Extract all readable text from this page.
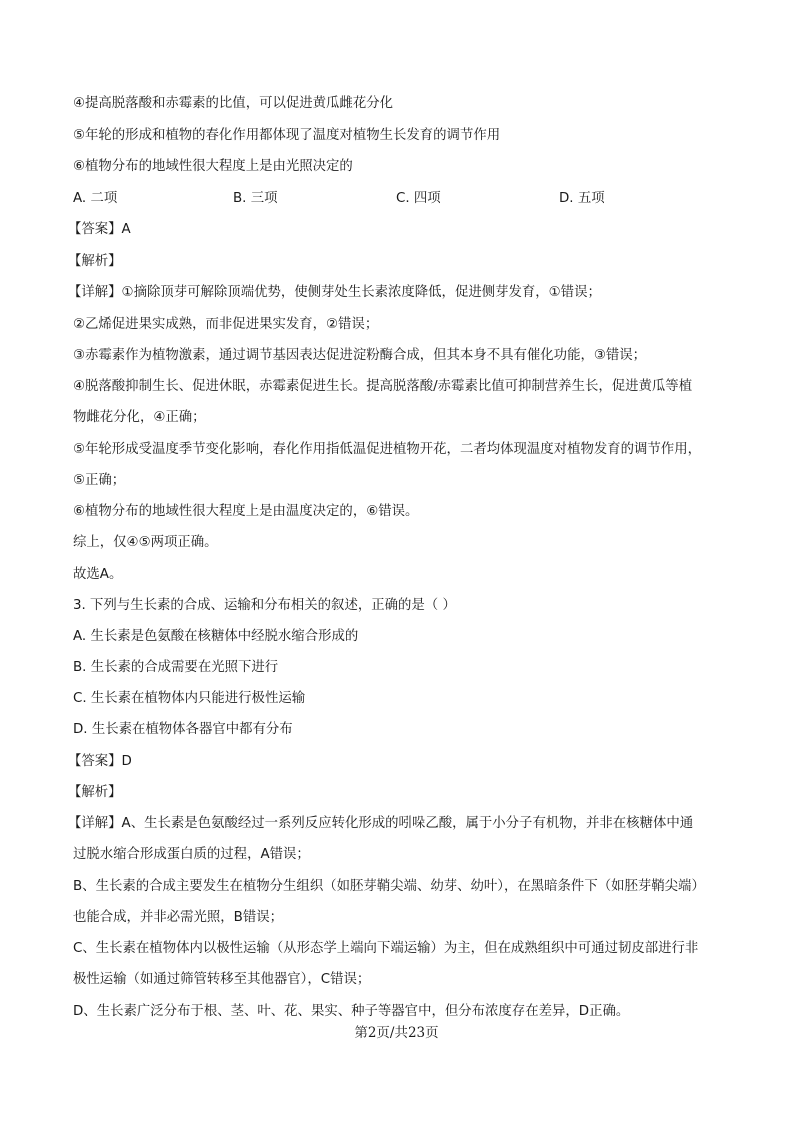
④提高脱落酸和赤霉素的比值，可以促进黄瓜雌花分化
⑤年轮的形成和植物的春化作用都体现了温度对植物生长发育的调节作用
⑥植物分布的地域性很大程度上是由光照决定的
A. 二项	B. 三项	C. 四项	D. 五项
【答案】A
【解析】
【详解】①摘除顶芽可解除顶端优势，使侧芽处生长素浓度降低，促进侧芽发育，①错误；
②乙烯促进果实成熟，而非促进果实发育，②错误；
③赤霉素作为植物激素，通过调节基因表达促进淀粉酶合成，但其本身不具有催化功能，③错误；
④脱落酸抑制生长、促进休眠，赤霉素促进生长。提高脱落酸/赤霉素比值可抑制营养生长，促进黄瓜等植
物雌花分化，④正确；
⑤年轮形成受温度季节变化影响，春化作用指低温促进植物开花，二者均体现温度对植物发育的调节作用，
⑤正确；
⑥植物分布的地域性很大程度上是由温度决定的，⑥错误。
综上，仅④⑤两项正确。
故选A。
3. 下列与生长素的合成、运输和分布相关的叙述，正确的是（ ）
A. 生长素是色氨酸在核糖体中经脱水缩合形成的
B. 生长素的合成需要在光照下进行
C. 生长素在植物体内只能进行极性运输
D. 生长素在植物体各器官中都有分布
【答案】D
【解析】
【详解】A、生长素是色氨酸经过一系列反应转化形成的吲哚乙酸，属于小分子有机物，并非在核糖体中通
过脱水缩合形成蛋白质的过程，A错误；
B、生长素的合成主要发生在植物分生组织（如胚芽鞘尖端、幼芽、幼叶），在黑暗条件下（如胚芽鞘尖端）
也能合成，并非必需光照，B错误；
C、生长素在植物体内以极性运输（从形态学上端向下端运输）为主，但在成熟组织中可通过韧皮部进行非
极性运输（如通过筛管转移至其他器官），C错误；
D、生长素广泛分布于根、茎、叶、花、果实、种子等器官中，但分布浓度存在差异，D正确。
第2页/共23页
